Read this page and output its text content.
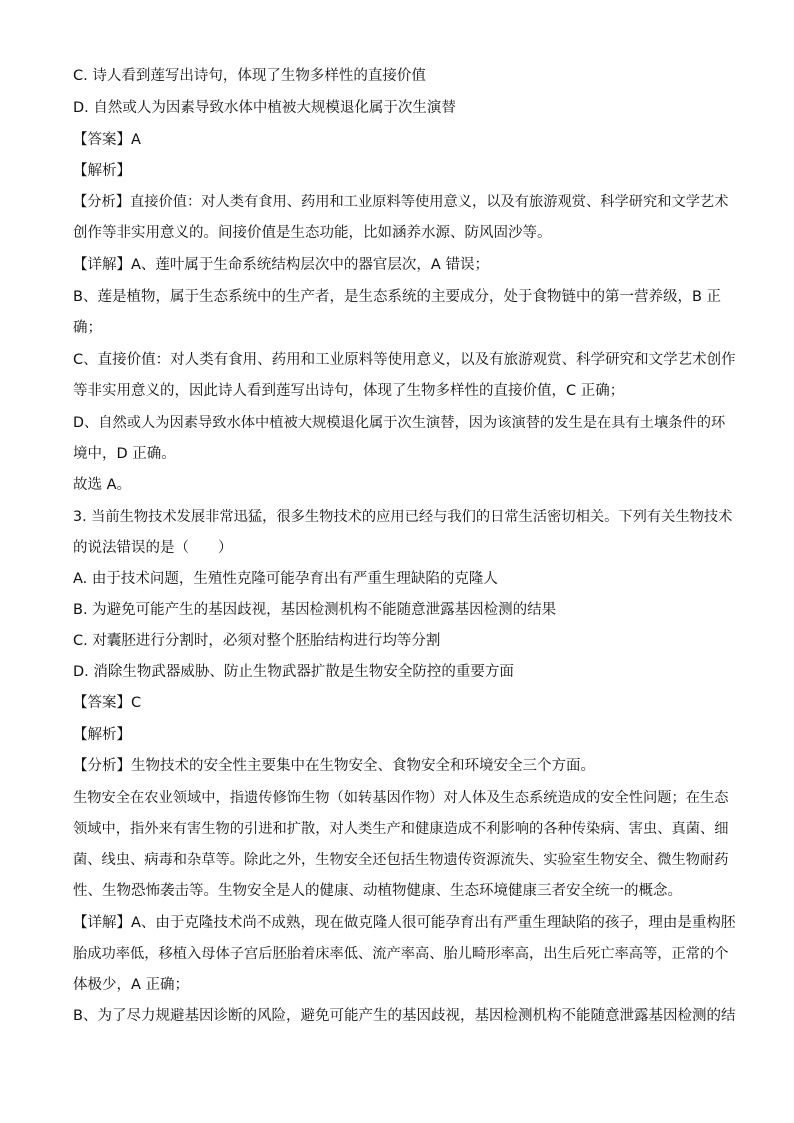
C. 诗人看到莲写出诗句，体现了生物多样性的直接价值
D. 自然或人为因素导致水体中植被大规模退化属于次生演替
【答案】A
【解析】
【分析】直接价值：对人类有食用、药用和工业原料等使用意义，以及有旅游观赏、科学研究和文学艺术
创作等非实用意义的。间接价值是生态功能，比如涵养水源、防风固沙等。
【详解】A、莲叶属于生命系统结构层次中的器官层次，A 错误；
B、莲是植物，属于生态系统中的生产者，是生态系统的主要成分，处于食物链中的第一营养级，B 正
确；
C、直接价值：对人类有食用、药用和工业原料等使用意义，以及有旅游观赏、科学研究和文学艺术创作
等非实用意义的，因此诗人看到莲写出诗句，体现了生物多样性的直接价值，C 正确；
D、自然或人为因素导致水体中植被大规模退化属于次生演替，因为该演替的发生是在具有土壤条件的环
境中，D 正确。
故选 A。
3. 当前生物技术发展非常迅猛，很多生物技术的应用已经与我们的日常生活密切相关。下列有关生物技术
的说法错误的是（　　）
A. 由于技术问题，生殖性克隆可能孕育出有严重生理缺陷的克隆人
B. 为避免可能产生的基因歧视，基因检测机构不能随意泄露基因检测的结果
C. 对囊胚进行分割时，必须对整个胚胎结构进行均等分割
D. 消除生物武器威胁、防止生物武器扩散是生物安全防控的重要方面
【答案】C
【解析】
【分析】生物技术的安全性主要集中在生物安全、食物安全和环境安全三个方面。
生物安全在农业领域中，指遗传修饰生物（如转基因作物）对人体及生态系统造成的安全性问题；在生态
领域中，指外来有害生物的引进和扩散，对人类生产和健康造成不利影响的各种传染病、害虫、真菌、细
菌、线虫、病毒和杂草等。除此之外，生物安全还包括生物遗传资源流失、实验室生物安全、微生物耐药
性、生物恐怖袭击等。生物安全是人的健康、动植物健康、生态环境健康三者安全统一的概念。
【详解】A、由于克隆技术尚不成熟，现在做克隆人很可能孕育出有严重生理缺陷的孩子，理由是重构胚
胎成功率低，移植入母体子宫后胚胎着床率低、流产率高、胎儿畸形率高，出生后死亡率高等，正常的个
体极少，A 正确；
B、为了尽力规避基因诊断的风险，避免可能产生的基因歧视，基因检测机构不能随意泄露基因检测的结
